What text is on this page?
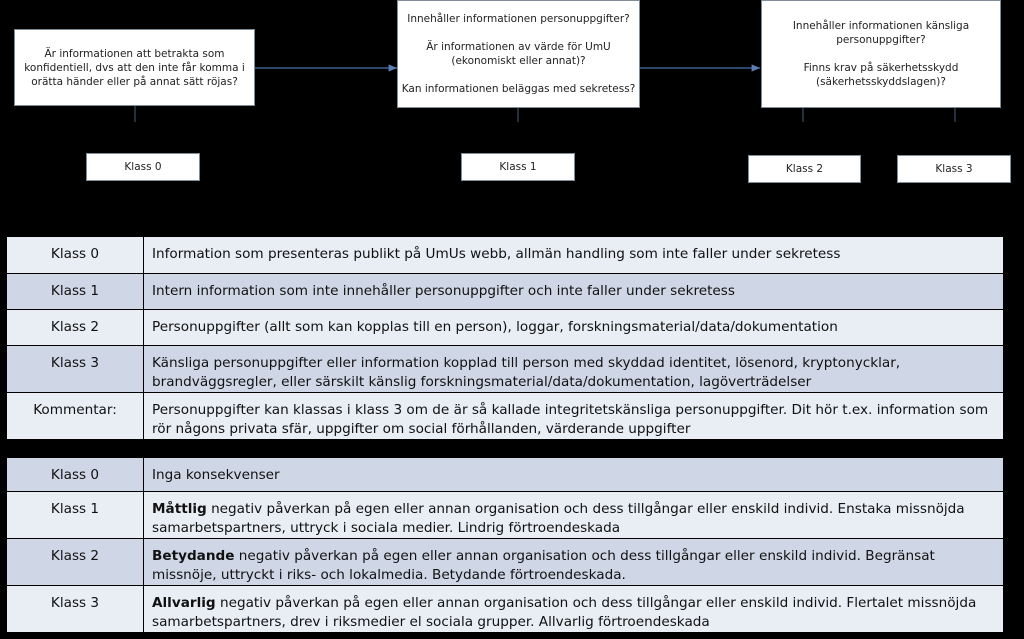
Är informationen att betrakta som
konfidentiell, dvs att den inte får komma i
orätta händer eller på annat sätt röjas?
Innehåller informationen personuppgifter?

Är informationen av värde för UmU
(ekonomiskt eller annat)?

Kan informationen beläggas med sekretess?
Innehåller informationen känsliga
personuppgifter?

Finns krav på säkerhetsskydd
(säkerhetsskyddslagen)?
Klass 0	Klass 1	Klass 2	Klass 3
Klass 0	Information som presenteras publikt på UmUs webb, allmän handling som inte faller under sekretess
Klass 1	Intern information som inte innehåller personuppgifter och inte faller under sekretess
Klass 2	Personuppgifter (allt som kan kopplas till en person), loggar, forskningsmaterial/data/dokumentation
Klass 3	Känsliga personuppgifter eller information kopplad till person med skyddad identitet, lösenord, kryptonycklar, brandväggsregler, eller särskilt känslig forskningsmaterial/data/dokumentation, lagöverträdelser
Kommentar:	Personuppgifter kan klassas i klass 3 om de är så kallade integritetskänsliga personuppgifter. Dit hör t.ex. information som rör någons privata sfär, uppgifter om social förhållanden, värderande uppgifter
Klass 0	Inga konsekvenser
Klass 1	Måttlig negativ påverkan på egen eller annan organisation och dess tillgångar eller enskild individ. Enstaka missnöjda samarbetspartners, uttryck i sociala medier. Lindrig förtroendeskada
Klass 2	Betydande negativ påverkan på egen eller annan organisation och dess tillgångar eller enskild individ. Begränsat missnöje, uttryckt i riks- och lokalmedia. Betydande förtroendeskada.
Klass 3	Allvarlig negativ påverkan på egen eller annan organisation och dess tillgångar eller enskild individ. Flertalet missnöjda samarbetspartners, drev i riksmedier el sociala grupper. Allvarlig förtroendeskada
